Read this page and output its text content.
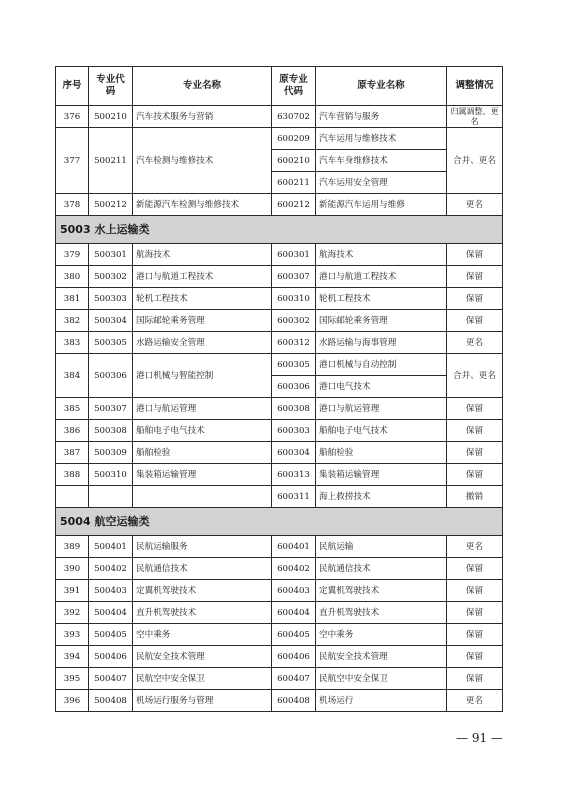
序号	专业代码	专业名称	原专业代码	原专业名称	调整情况
376	500210	汽车技术服务与营销	630702	汽车营销与服务	归属调整、更名
377	500211	汽车检测与维修技术	600209	汽车运用与维修技术	合并、更名
			600210	汽车车身维修技术	
			600211	汽车运用安全管理	
378	500212	新能源汽车检测与维修技术	600212	新能源汽车运用与维修	更名
5003 水上运输类					
379	500301	航海技术	600301	航海技术	保留
380	500302	港口与航道工程技术	600307	港口与航道工程技术	保留
381	500303	轮机工程技术	600310	轮机工程技术	保留
382	500304	国际邮轮乘务管理	600302	国际邮轮乘务管理	保留
383	500305	水路运输安全管理	600312	水路运输与海事管理	更名
384	500306	港口机械与智能控制	600305	港口机械与自动控制	合并、更名
			600306	港口电气技术	
385	500307	港口与航运管理	600308	港口与航运管理	保留
386	500308	船舶电子电气技术	600303	船舶电子电气技术	保留
387	500309	船舶检验	600304	船舶检验	保留
388	500310	集装箱运输管理	600313	集装箱运输管理	保留
			600311	海上救捞技术	撤销
5004 航空运输类					
389	500401	民航运输服务	600401	民航运输	更名
390	500402	民航通信技术	600402	民航通信技术	保留
391	500403	定翼机驾驶技术	600403	定翼机驾驶技术	保留
392	500404	直升机驾驶技术	600404	直升机驾驶技术	保留
393	500405	空中乘务	600405	空中乘务	保留
394	500406	民航安全技术管理	600406	民航安全技术管理	保留
395	500407	民航空中安全保卫	600407	民航空中安全保卫	保留
396	500408	机场运行服务与管理	600408	机场运行	更名
— 91 —
